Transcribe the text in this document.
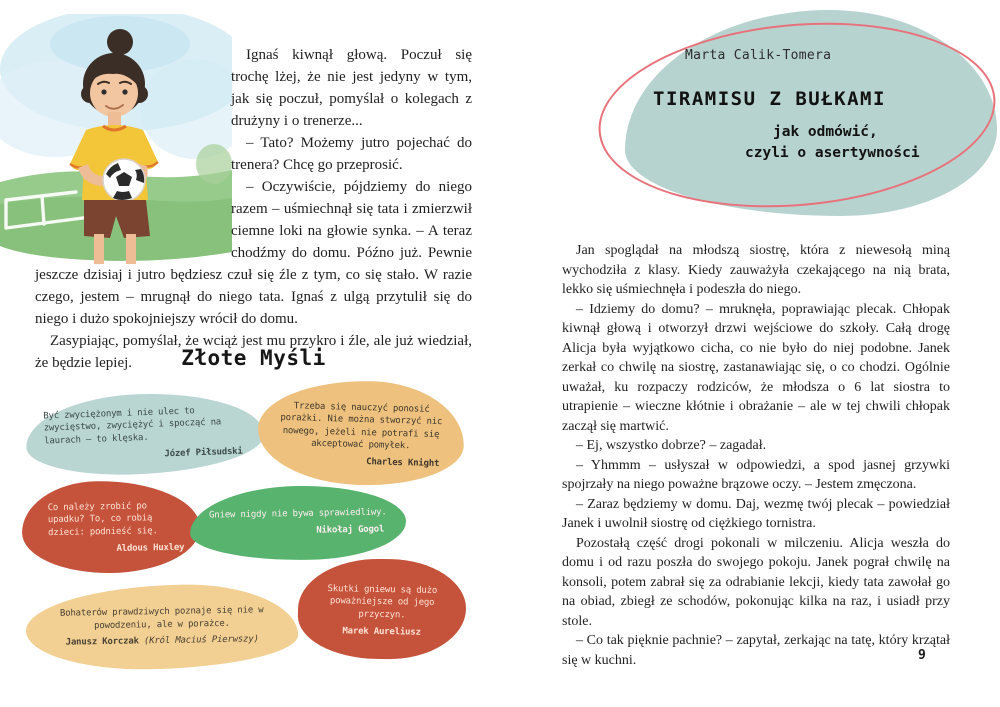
Ignaś kiwnął głową. Poczuł się trochę lżej, że nie jest jedyny w tym, jak się poczuł, pomyślał o kolegach z drużyny i o trenerze...

– Tato? Możemy jutro pojechać do trenera? Chcę go przeprosić.

– Oczywiście, pójdziemy do niego razem – uśmiechnął się tata i zmierzwił ciemne loki na głowie synka. – A teraz chodźmy do domu. Późno już. Pewnie jeszcze dzisiaj i jutro będziesz czuł się źle z tym, co się stało. W razie czego, jestem – mrugnął do niego tata. Ignaś z ulgą przytulił się do niego i dużo spokojniejszy wrócił do domu.

Zasypiając, pomyślał, że wciąż jest mu przykro i źle, ale już wiedział, że będzie lepiej.	Złote Myśli
Być zwyciężonym i nie ulec to zwycięstwo, zwyciężyć i spocząć na laurach – to klęska.
Józef Piłsudski
Trzeba się nauczyć ponosić porażki. Nie można stworzyć nic nowego, jeżeli nie potrafi się akceptować pomyłek.
Charles Knight
Co należy zrobić po upadku? To, co robią dzieci: podnieść się.
Aldous Huxley
Gniew nigdy nie bywa sprawiedliwy.
Nikołaj Gogol
Skutki gniewu są dużo poważniejsze od jego przyczyn.
Marek Aureliusz
Bohaterów prawdziwych poznaje się nie w powodzeniu, ale w porażce.
Janusz Korczak (Król Maciuś Pierwszy)
Marta Calik-Tomera
TIRAMISU Z BUŁKAMI
jak odmówić,
czyli o asertywności

Jan spoglądał na młodszą siostrę, która z niewesołą miną wychodziła z klasy. Kiedy zauważyła czekającego na nią brata, lekko się uśmiechnęła i podeszła do niego.

– Idziemy do domu? – mruknęła, poprawiając plecak. Chłopak kiwnął głową i otworzył drzwi wejściowe do szkoły. Całą drogę Alicja była wyjątkowo cicha, co nie było do niej podobne. Janek zerkał co chwilę na siostrę, zastanawiając się, o co chodzi. Ogólnie uważał, ku rozpaczy rodziców, że młodsza o 6 lat siostra to utrapienie – wieczne kłótnie i obrażanie – ale w tej chwili chłopak zaczął się martwić.

– Ej, wszystko dobrze? – zagadał.

– Yhmmm – usłyszał w odpowiedzi, a spod jasnej grzywki spojrzały na niego poważne brązowe oczy. – Jestem zmęczona.

– Zaraz będziemy w domu. Daj, wezmę twój plecak – powiedział Janek i uwolnił siostrę od ciężkiego tornistra.

Pozostałą część drogi pokonali w milczeniu. Alicja weszła do domu i od razu poszła do swojego pokoju. Janek pograł chwilę na konsoli, potem zabrał się za odrabianie lekcji, kiedy tata zawołał go na obiad, zbiegł ze schodów, pokonując kilka na raz, i usiadł przy stole.

– Co tak pięknie pachnie? – zapytał, zerkając na tatę, który krzątał się w kuchni.	9
